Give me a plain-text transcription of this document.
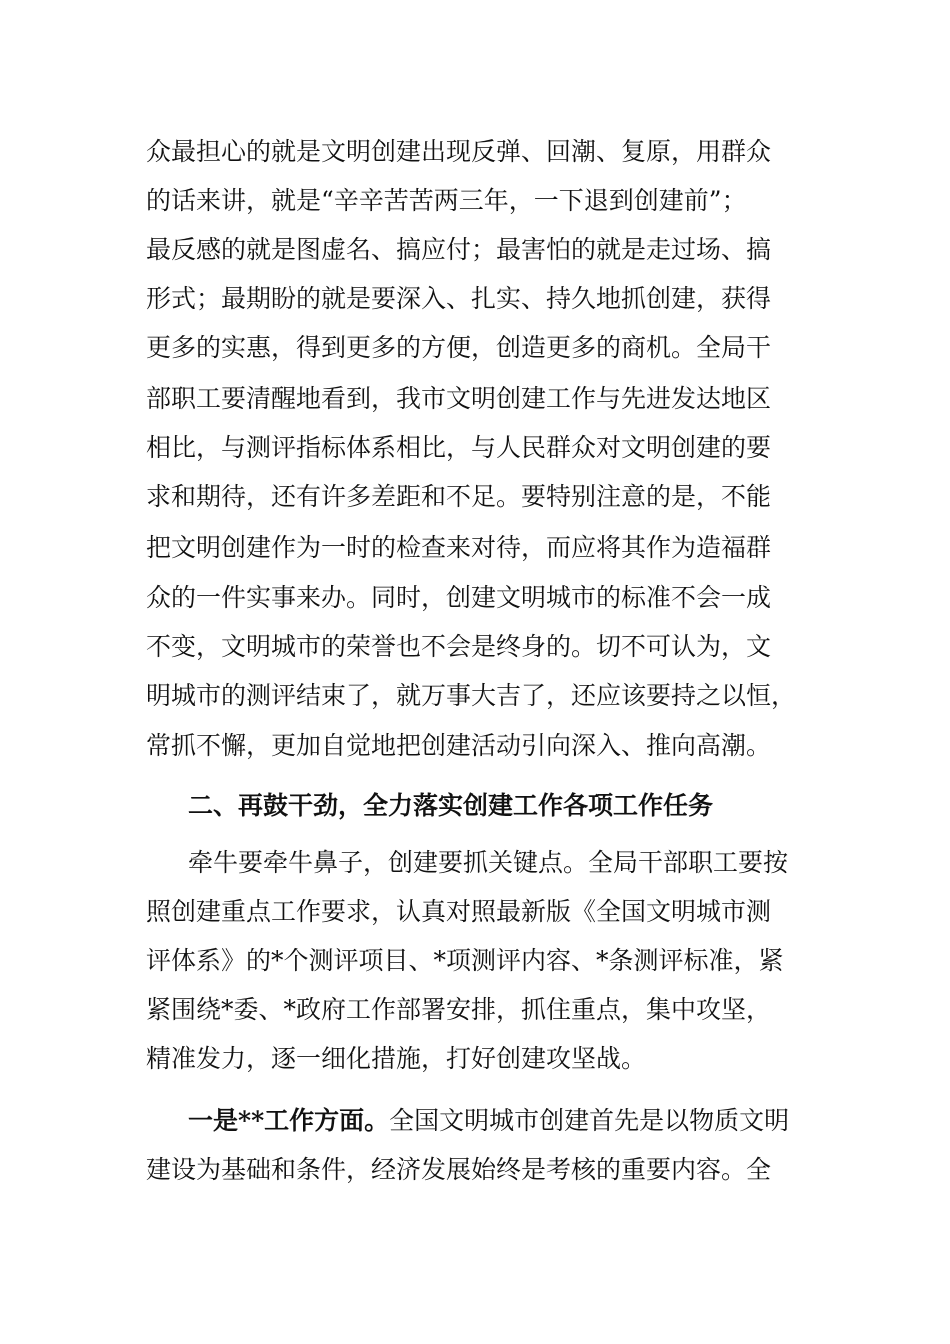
众最担心的就是文明创建出现反弹、回潮、复原，用群众
的话来讲，就是“辛辛苦苦两三年，一下退到创建前”；
最反感的就是图虚名、搞应付；最害怕的就是走过场、搞
形式；最期盼的就是要深入、扎实、持久地抓创建，获得
更多的实惠，得到更多的方便，创造更多的商机。全局干
部职工要清醒地看到，我市文明创建工作与先进发达地区
相比，与测评指标体系相比，与人民群众对文明创建的要
求和期待，还有许多差距和不足。要特别注意的是，不能
把文明创建作为一时的检查来对待，而应将其作为造福群
众的一件实事来办。同时，创建文明城市的标准不会一成
不变，文明城市的荣誉也不会是终身的。切不可认为，文
明城市的测评结束了，就万事大吉了，还应该要持之以恒，
常抓不懈，更加自觉地把创建活动引向深入、推向高潮。
二、再鼓干劲，全力落实创建工作各项工作任务
牵牛要牵牛鼻子，创建要抓关键点。全局干部职工要按
照创建重点工作要求，认真对照最新版《全国文明城市测
评体系》的*个测评项目、*项测评内容、*条测评标准，紧
紧围绕*委、*政府工作部署安排，抓住重点，集中攻坚，
精准发力，逐一细化措施，打好创建攻坚战。
一是**工作方面。全国文明城市创建首先是以物质文明
建设为基础和条件，经济发展始终是考核的重要内容。全
